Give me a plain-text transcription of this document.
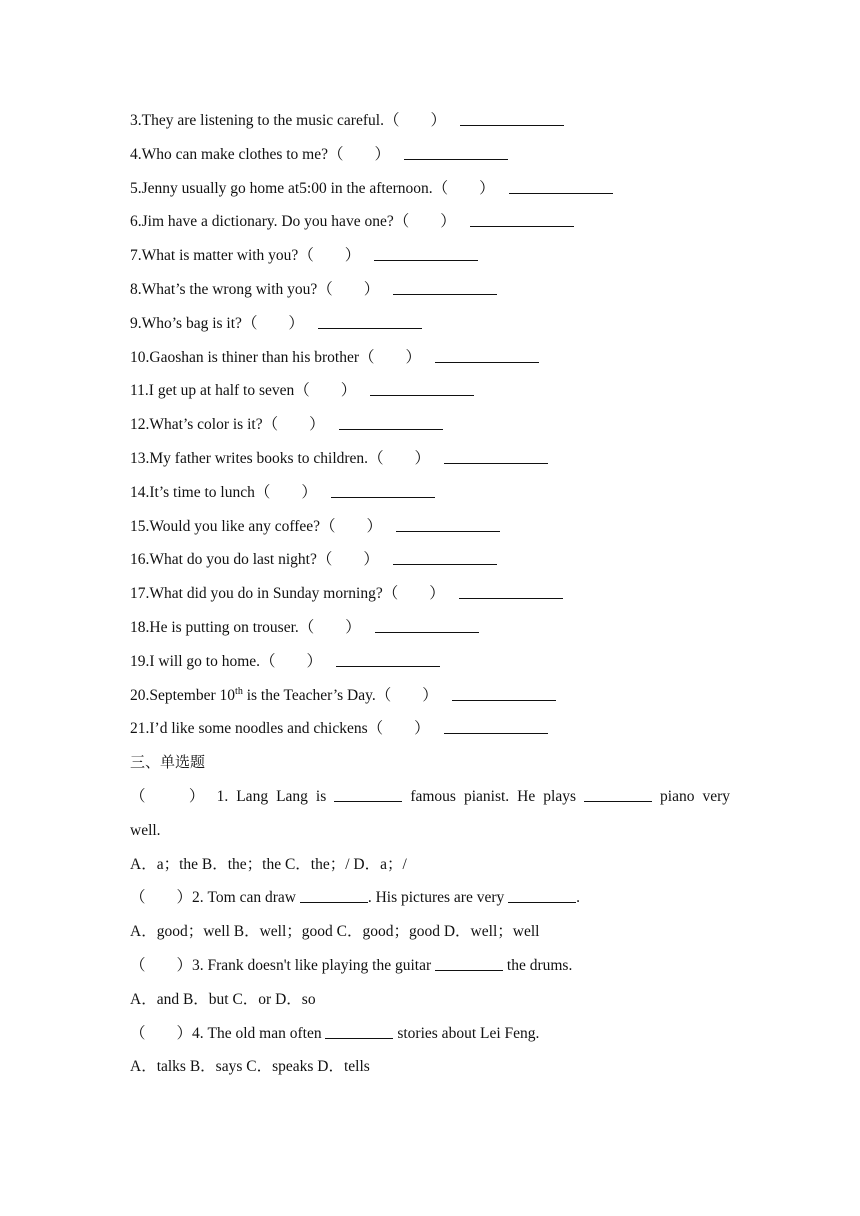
3.They are listening to the music careful.（ ）
4.Who can make clothes to me?（ ）
5.Jenny usually go home at5:00 in the afternoon.（ ）
6.Jim have a dictionary. Do you have one?（ ）
7.What is matter with you?（ ）
8.What’s the wrong with you?（ ）
9.Who’s bag is it?（ ）
10.Gaoshan is thiner than his brother（ ）
11.I get up at half to seven（ ）
12.What’s color is it?（ ）
13.My father writes books to children.（ ）
14.It’s time to lunch（ ）
15.Would you like any coffee?（ ）
16.What do you do last night?（ ）
17.What did you do in Sunday morning?（ ）
18.He is putting on trouser.（ ）
19.I will go to home.（ ）
20.September 10th is the Teacher’s Day.（ ）
21.I’d like some noodles and chickens（ ）
三、单选题
（　　） 1. Lang Lang is	famous pianist. He plays	piano very
well.
A．a；the B．the；the C．the；/ D．a；/
（　　）2. Tom can draw	. His pictures are very	.
A．good；well B．well；good C．good；good D．well；well
（　　）3. Frank doesn't like playing the guitar	the drums.
A．and B．but C．or D．so
（　　）4. The old man often	stories about Lei Feng.
A．talks B．says C．speaks D．tells
